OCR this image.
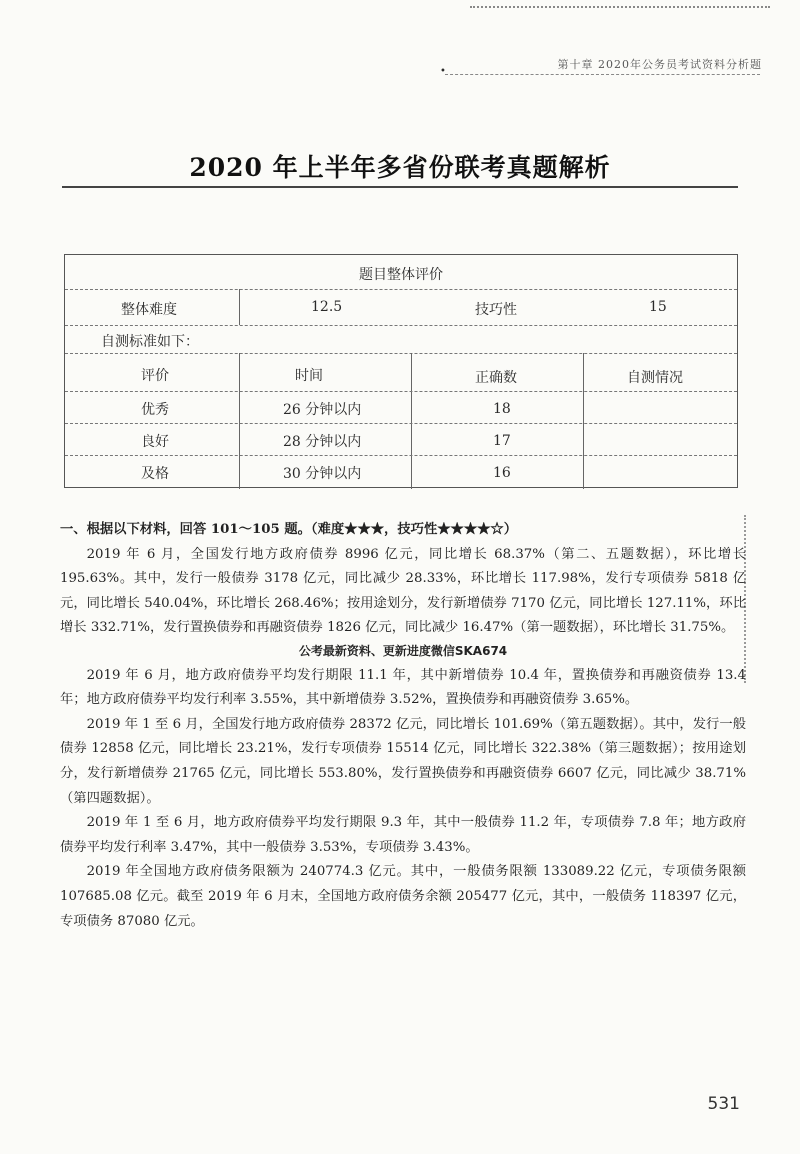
•
第十章 2020年公务员考试资料分析题
2020 年上半年多省份联考真题解析
题目整体评价
整体难度	12.5	技巧性	15
自测标准如下：
评价	时间	正确数	自测情况
优秀	26 分钟以内	18
良好	28 分钟以内	17
及格	30 分钟以内	16

一、根据以下材料，回答 101～105 题。（难度★★★，技巧性★★★★☆）

2019 年 6 月，全国发行地方政府债券 8996 亿元，同比增长 68.37%（第二、五题数据），环比增长 195.63%。其中，发行一般债券 3178 亿元，同比减少 28.33%，环比增长 117.98%，发行专项债券 5818 亿元，同比增长 540.04%，环比增长 268.46%；按用途划分，发行新增债券 7170 亿元，同比增长 127.11%，环比增长 332.71%，发行置换债券和再融资债券 1826 亿元，同比减少 16.47%（第一题数据），环比增长 31.75%。

公考最新资料、更新进度微信SKA674

2019 年 6 月，地方政府债券平均发行期限 11.1 年，其中新增债券 10.4 年，置换债券和再融资债券 13.4 年；地方政府债券平均发行利率 3.55%，其中新增债券 3.52%，置换债券和再融资债券 3.65%。

2019 年 1 至 6 月，全国发行地方政府债券 28372 亿元，同比增长 101.69%（第五题数据）。其中，发行一般债券 12858 亿元，同比增长 23.21%，发行专项债券 15514 亿元，同比增长 322.38%（第三题数据）；按用途划分，发行新增债券 21765 亿元，同比增长 553.80%，发行置换债券和再融资债券 6607 亿元，同比减少 38.71%（第四题数据）。

2019 年 1 至 6 月，地方政府债券平均发行期限 9.3 年，其中一般债券 11.2 年，专项债券 7.8 年；地方政府债券平均发行利率 3.47%，其中一般债券 3.53%，专项债券 3.43%。

2019 年全国地方政府债务限额为 240774.3 亿元。其中，一般债务限额 133089.22 亿元，专项债务限额 107685.08 亿元。截至 2019 年 6 月末，全国地方政府债务余额 205477 亿元，其中，一般债务 118397 亿元，专项债务 87080 亿元。

531
